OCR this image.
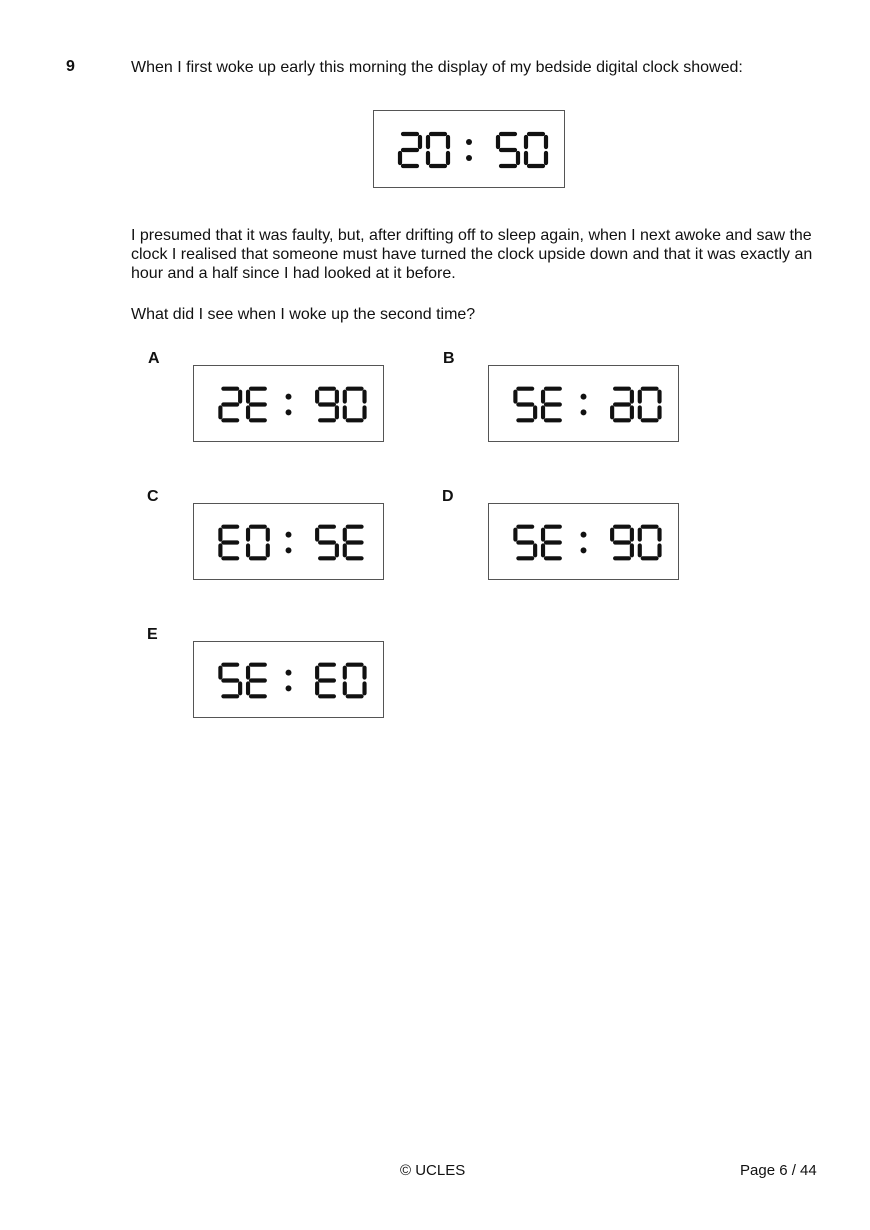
9	When I first woke up early this morning the display of my bedside digital clock showed:
I presumed that it was faulty, but, after drifting off to sleep again, when I next awoke and saw the clock I realised that someone must have turned the clock upside down and that it was exactly an hour and a half since I had looked at it before.
What did I see when I woke up the second time?
A	B
C	D
E
© UCLES	Page 6 / 44
